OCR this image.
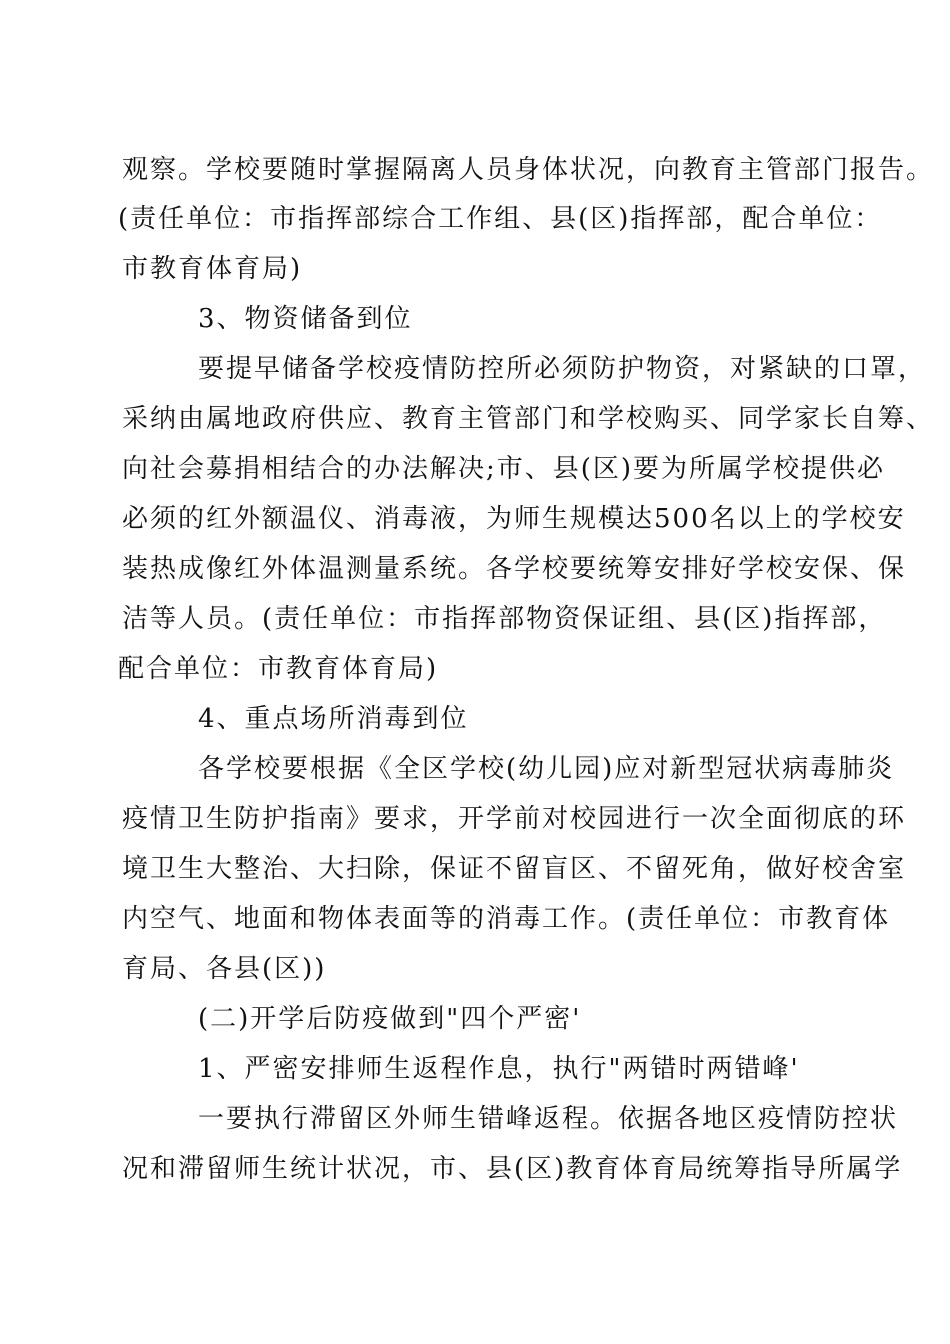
观察。学校要随时掌握隔离人员身体状况，向教育主管部门报告。
(责任单位：市指挥部综合工作组、县(区)指挥部，配合单位：
市教育体育局)
3、物资储备到位
要提早储备学校疫情防控所必须防护物资，对紧缺的口罩，
采纳由属地政府供应、教育主管部门和学校购买、同学家长自筹、
向社会募捐相结合的办法解决;市、县(区)要为所属学校提供必
必须的红外额温仪、消毒液，为师生规模达500名以上的学校安
装热成像红外体温测量系统。各学校要统筹安排好学校安保、保
洁等人员。(责任单位：市指挥部物资保证组、县(区)指挥部，
配合单位：市教育体育局)
4、重点场所消毒到位
各学校要根据《全区学校(幼儿园)应对新型冠状病毒肺炎
疫情卫生防护指南》要求，开学前对校园进行一次全面彻底的环
境卫生大整治、大扫除，保证不留盲区、不留死角，做好校舍室
内空气、地面和物体表面等的消毒工作。(责任单位：市教育体
育局、各县(区))
(二)开学后防疫做到"四个严密'
1、严密安排师生返程作息，执行"两错时两错峰'
一要执行滞留区外师生错峰返程。依据各地区疫情防控状
况和滞留师生统计状况，市、县(区)教育体育局统筹指导所属学
